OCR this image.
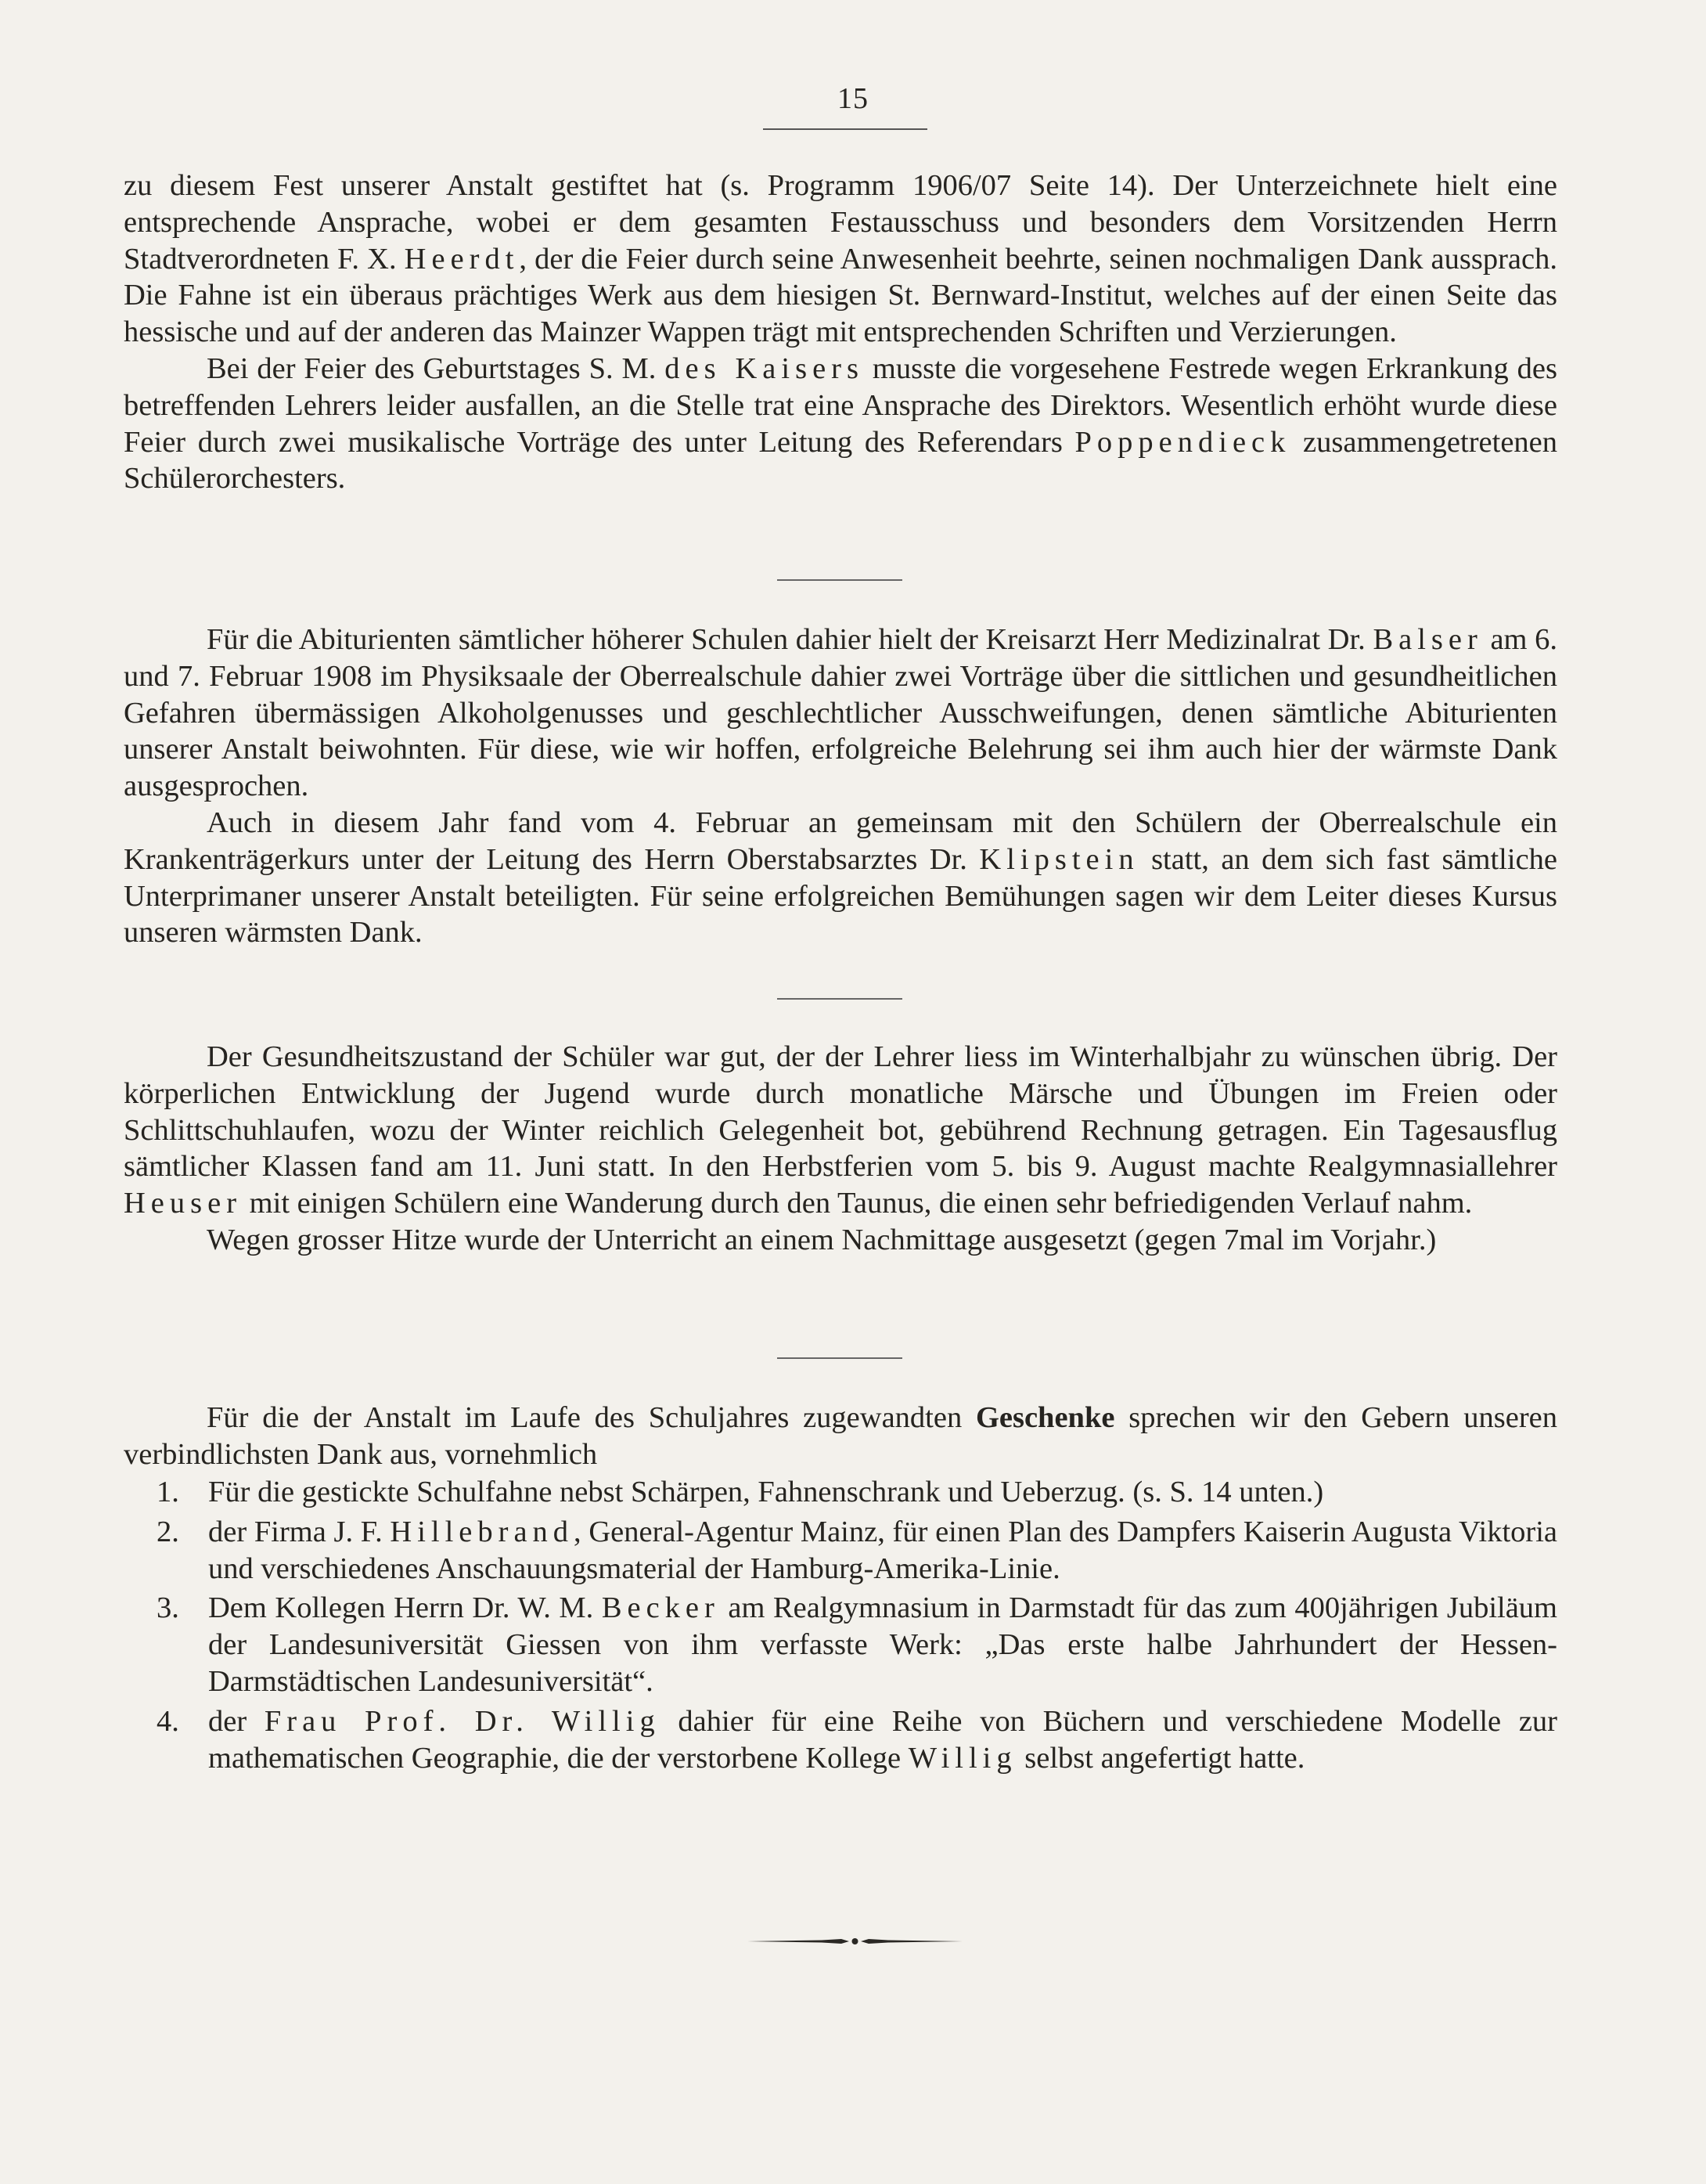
15

zu diesem Fest unserer Anstalt gestiftet hat (s. Programm 1906/07 Seite 14). Der Unterzeichnete hielt eine entsprechende Ansprache, wobei er dem gesamten Festausschuss und besonders dem Vorsitzenden Herrn Stadtverordneten F. X. Heerdt, der die Feier durch seine Anwesenheit beehrte, seinen nochmaligen Dank aussprach. Die Fahne ist ein überaus prächtiges Werk aus dem hiesigen St. Bernward-Institut, welches auf der einen Seite das hessische und auf der anderen das Mainzer Wappen trägt mit entsprechenden Schriften und Verzierungen.

Bei der Feier des Geburtstages S. M. des Kaisers musste die vorgesehene Festrede wegen Erkrankung des betreffenden Lehrers leider ausfallen, an die Stelle trat eine Ansprache des Direktors. Wesentlich erhöht wurde diese Feier durch zwei musikalische Vorträge des unter Leitung des Referendars Poppendieck zusammengetretenen Schülerorchesters.

Für die Abiturienten sämtlicher höherer Schulen dahier hielt der Kreisarzt Herr Medizinalrat Dr. Balser am 6. und 7. Februar 1908 im Physiksaale der Oberrealschule dahier zwei Vorträge über die sittlichen und gesundheitlichen Gefahren übermässigen Alkoholgenusses und geschlechtlicher Ausschweifungen, denen sämtliche Abiturienten unserer Anstalt beiwohnten. Für diese, wie wir hoffen, erfolgreiche Belehrung sei ihm auch hier der wärmste Dank ausgesprochen.

Auch in diesem Jahr fand vom 4. Februar an gemeinsam mit den Schülern der Oberrealschule ein Krankenträgerkurs unter der Leitung des Herrn Oberstabsarztes Dr. Klipstein statt, an dem sich fast sämtliche Unterprimaner unserer Anstalt beteiligten. Für seine erfolgreichen Bemühungen sagen wir dem Leiter dieses Kursus unseren wärmsten Dank.

Der Gesundheitszustand der Schüler war gut, der der Lehrer liess im Winterhalbjahr zu wünschen übrig. Der körperlichen Entwicklung der Jugend wurde durch monatliche Märsche und Übungen im Freien oder Schlittschuhlaufen, wozu der Winter reichlich Gelegenheit bot, gebührend Rechnung getragen. Ein Tagesausflug sämtlicher Klassen fand am 11. Juni statt. In den Herbstferien vom 5. bis 9. August machte Realgymnasiallehrer Heuser mit einigen Schülern eine Wanderung durch den Taunus, die einen sehr befriedigenden Verlauf nahm.

Wegen grosser Hitze wurde der Unterricht an einem Nachmittage ausgesetzt (gegen 7mal im Vorjahr.)

Für die der Anstalt im Laufe des Schuljahres zugewandten Geschenke sprechen wir den Gebern unseren verbindlichsten Dank aus, vornehmlich

1. Für die gestickte Schulfahne nebst Schärpen, Fahnenschrank und Ueberzug. (s. S. 14 unten.)

2. der Firma J. F. Hillebrand, General-Agentur Mainz, für einen Plan des Dampfers Kaiserin Augusta Viktoria und verschiedenes Anschauungsmaterial der Hamburg-Amerika-Linie.

3. Dem Kollegen Herrn Dr. W. M. Becker am Realgymnasium in Darmstadt für das zum 400jährigen Jubiläum der Landesuniversität Giessen von ihm verfasste Werk: „Das erste halbe Jahrhundert der Hessen-Darmstädtischen Landesuniversität“.

4. der Frau Prof. Dr. Willig dahier für eine Reihe von Büchern und verschiedene Modelle zur mathematischen Geographie, die der verstorbene Kollege Willig selbst angefertigt hatte.
